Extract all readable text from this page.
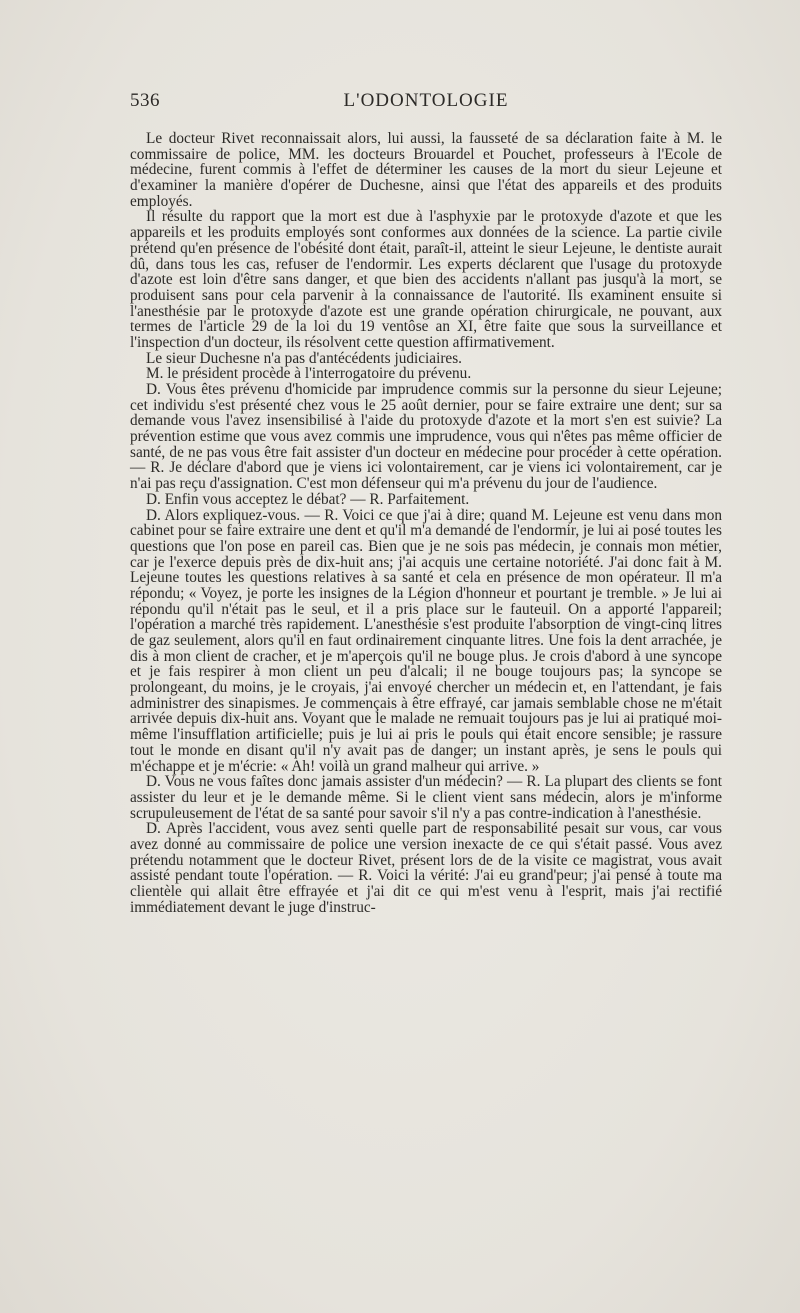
536	L'ODONTOLOGIE

Le docteur Rivet reconnaissait alors, lui aussi, la fausseté de sa déclaration faite à M. le commissaire de police, MM. les docteurs Brouardel et Pouchet, professeurs à l'Ecole de médecine, furent commis à l'effet de déterminer les causes de la mort du sieur Lejeune et d'examiner la manière d'opérer de Duchesne, ainsi que l'état des appareils et des produits employés.

Il résulte du rapport que la mort est due à l'asphyxie par le protoxyde d'azote et que les appareils et les produits employés sont conformes aux données de la science. La partie civile prétend qu'en présence de l'obésité dont était, paraît-il, atteint le sieur Lejeune, le dentiste aurait dû, dans tous les cas, refuser de l'endormir. Les experts déclarent que l'usage du protoxyde d'azote est loin d'être sans danger, et que bien des accidents n'allant pas jusqu'à la mort, se produisent sans pour cela parvenir à la connaissance de l'autorité. Ils examinent ensuite si l'anesthésie par le protoxyde d'azote est une grande opération chirurgicale, ne pouvant, aux termes de l'article 29 de la loi du 19 ventôse an XI, être faite que sous la surveillance et l'inspection d'un docteur, ils résolvent cette question affirmativement.

Le sieur Duchesne n'a pas d'antécédents judiciaires.

M. le président procède à l'interrogatoire du prévenu.

D. Vous êtes prévenu d'homicide par imprudence commis sur la personne du sieur Lejeune; cet individu s'est présenté chez vous le 25 août dernier, pour se faire extraire une dent; sur sa demande vous l'avez insensibilisé à l'aide du protoxyde d'azote et la mort s'en est suivie? La prévention estime que vous avez commis une imprudence, vous qui n'êtes pas même officier de santé, de ne pas vous être fait assister d'un docteur en médecine pour procéder à cette opération. — R. Je déclare d'abord que je viens ici volontairement, car je viens ici volontairement, car je n'ai pas reçu d'assignation. C'est mon défenseur qui m'a prévenu du jour de l'audience.

D. Enfin vous acceptez le débat? — R. Parfaitement.

D. Alors expliquez-vous. — R. Voici ce que j'ai à dire; quand M. Lejeune est venu dans mon cabinet pour se faire extraire une dent et qu'il m'a demandé de l'endormir, je lui ai posé toutes les questions que l'on pose en pareil cas. Bien que je ne sois pas médecin, je connais mon métier, car je l'exerce depuis près de dix-huit ans; j'ai acquis une certaine notoriété. J'ai donc fait à M. Lejeune toutes les questions relatives à sa santé et cela en présence de mon opérateur. Il m'a répondu; « Voyez, je porte les insignes de la Légion d'honneur et pourtant je tremble. » Je lui ai répondu qu'il n'était pas le seul, et il a pris place sur le fauteuil. On a apporté l'appareil; l'opération a marché très rapidement. L'anesthésie s'est produite l'absorption de vingt-cinq litres de gaz seulement, alors qu'il en faut ordinairement cinquante litres. Une fois la dent arrachée, je dis à mon client de cracher, et je m'aperçois qu'il ne bouge plus. Je crois d'abord à une syncope et je fais respirer à mon client un peu d'alcali; il ne bouge toujours pas; la syncope se prolongeant, du moins, je le croyais, j'ai envoyé chercher un médecin et, en l'attendant, je fais administrer des sinapismes. Je commençais à être effrayé, car jamais semblable chose ne m'était arrivée depuis dix-huit ans. Voyant que le malade ne remuait toujours pas je lui ai pratiqué moi-même l'insufflation artificielle; puis je lui ai pris le pouls qui était encore sensible; je rassure tout le monde en disant qu'il n'y avait pas de danger; un instant après, je sens le pouls qui m'échappe et je m'écrie: « Ah! voilà un grand malheur qui arrive. »

D. Vous ne vous faîtes donc jamais assister d'un médecin? — R. La plupart des clients se font assister du leur et je le demande même. Si le client vient sans médecin, alors je m'informe scrupuleusement de l'état de sa santé pour savoir s'il n'y a pas contre-indication à l'anesthésie.

D. Après l'accident, vous avez senti quelle part de responsabilité pesait sur vous, car vous avez donné au commissaire de police une version inexacte de ce qui s'était passé. Vous avez prétendu notamment que le docteur Rivet, présent lors de de la visite ce magistrat, vous avait assisté pendant toute l'opération. — R. Voici la vérité: J'ai eu grand'peur; j'ai pensé à toute ma clientèle qui allait être effrayée et j'ai dit ce qui m'est venu à l'esprit, mais j'ai rectifié immédiatement devant le juge d'instruc-
